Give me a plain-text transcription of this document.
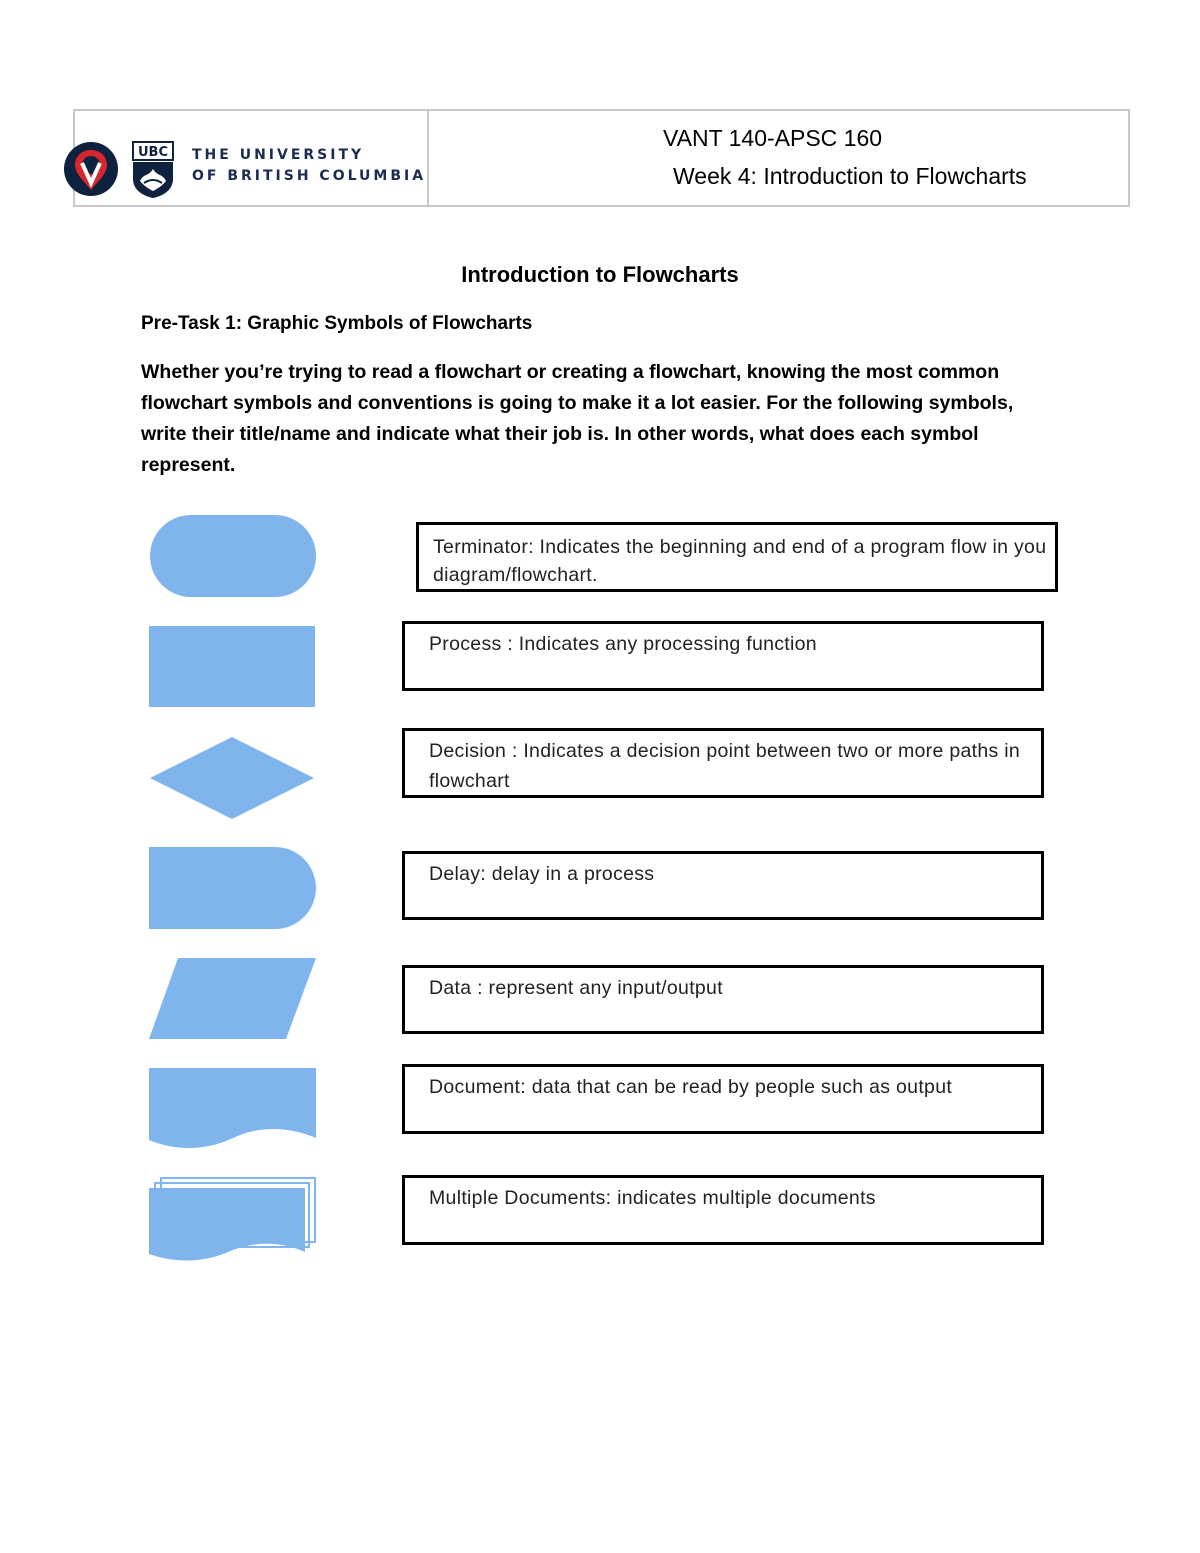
UBC THE UNIVERSITY
OF BRITISH COLUMBIA
VANT 140-APSC 160
Week 4: Introduction to Flowcharts
Introduction to Flowcharts
Pre-Task 1: Graphic Symbols of Flowcharts
Whether you’re trying to read a flowchart or creating a flowchart, knowing the most common flowchart symbols and conventions is going to make it a lot easier. For the following symbols, write their title/name and indicate what their job is. In other words, what does each symbol represent.
Terminator: Indicates the beginning and end of a program flow in you diagram/flowchart.
Process : Indicates any processing function
Decision : Indicates a decision point between two or more paths in flowchart
Delay: delay in a process
Data : represent any input/output
Document: data that can be read by people such as output
Multiple Documents: indicates multiple documents
